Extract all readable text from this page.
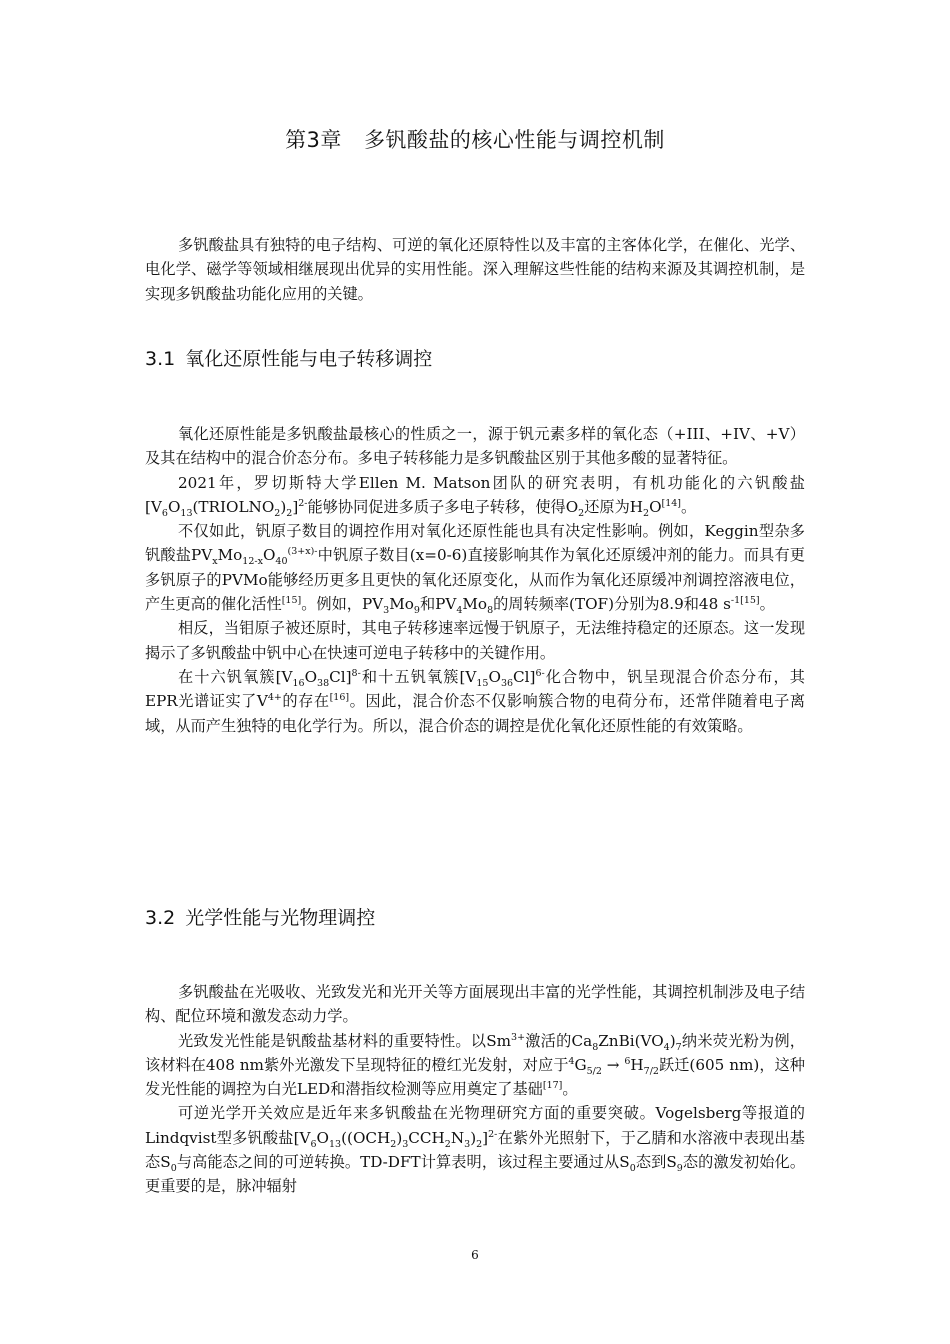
第3章 多钒酸盐的核心性能与调控机制

多钒酸盐具有独特的电子结构、可逆的氧化还原特性以及丰富的主客体化学，在催化、光学、电化学、磁学等领域相继展现出优异的实用性能。深入理解这些性能的结构来源及其调控机制，是实现多钒酸盐功能化应用的关键。

3.1 氧化还原性能与电子转移调控

氧化还原性能是多钒酸盐最核心的性质之一，源于钒元素多样的氧化态（+III、+IV、+V）及其在结构中的混合价态分布。多电子转移能力是多钒酸盐区别于其他多酸的显著特征。

2021年，罗切斯特大学Ellen M. Matson团队的研究表明，有机功能化的六钒酸盐$[V_6O_{13}(TRIOLNO_2)_2]^{2-}$能够协同促进多质子多电子转移，使得$O_2$还原为$H_2O[14]$。

不仅如此，钒原子数目的调控作用对氧化还原性能也具有决定性影响。例如，Keggin型杂多钒酸盐$PV_xMo_{12-x}O_{40}^{(3+x)-}$中钒原子数目(x=0-6)直接影响其作为氧化还原缓冲剂的能力。而具有更多钒原子的PVMo能够经历更多且更快的氧化还原变化，从而作为氧化还原缓冲剂调控溶液电位，产生更高的催化活性[15]。例如，$PV_3Mo_9$和$PV_4Mo_8$的周转频率(TOF)分别为8.9和48 $s^{-1[15]}$。

相反，当钼原子被还原时，其电子转移速率远慢于钒原子，无法维持稳定的还原态。这一发现揭示了多钒酸盐中钒中心在快速可逆电子转移中的关键作用。

在十六钒氧簇$[V_{16}O_{38}Cl]^{8-}$和十五钒氧簇$[V_{15}O_{36}Cl]^{6-}$化合物中，钒呈现混合价态分布，其EPR光谱证实了$V^{4+}$的存在[16]。因此，混合价态不仅影响簇合物的电荷分布，还常伴随着电子离域，从而产生独特的电化学行为。所以，混合价态的调控是优化氧化还原性能的有效策略。

3.2 光学性能与光物理调控

多钒酸盐在光吸收、光致发光和光开关等方面展现出丰富的光学性能，其调控机制涉及电子结构、配位环境和激发态动力学。

光致发光性能是钒酸盐基材料的重要特性。以$Sm^{3+}$激活的$Ca_8ZnBi(VO_4)_7$纳米荧光粉为例，该材料在408 nm紫外光激发下呈现特征的橙红光发射，对应于$^4G_{5/2} \to ^6H_{7/2}$跃迁(605 nm)，这种发光性能的调控为白光LED和潜指纹检测等应用奠定了基础[17]。

可逆光学开关效应是近年来多钒酸盐在光物理研究方面的重要突破。Vogelsberg等报道的Lindqvist型多钒酸盐$[V_6O_{13}((OCH_2)_3CCH_2N_3)_2]^{2-}$在紫外光照射下，于乙腈和水溶液中表现出基态$S_0$与高能态之间的可逆转换。TD-DFT计算表明，该过程主要通过从$S_0$态到$S_9$态的激发初始化。更重要的是，脉冲辐射

6
